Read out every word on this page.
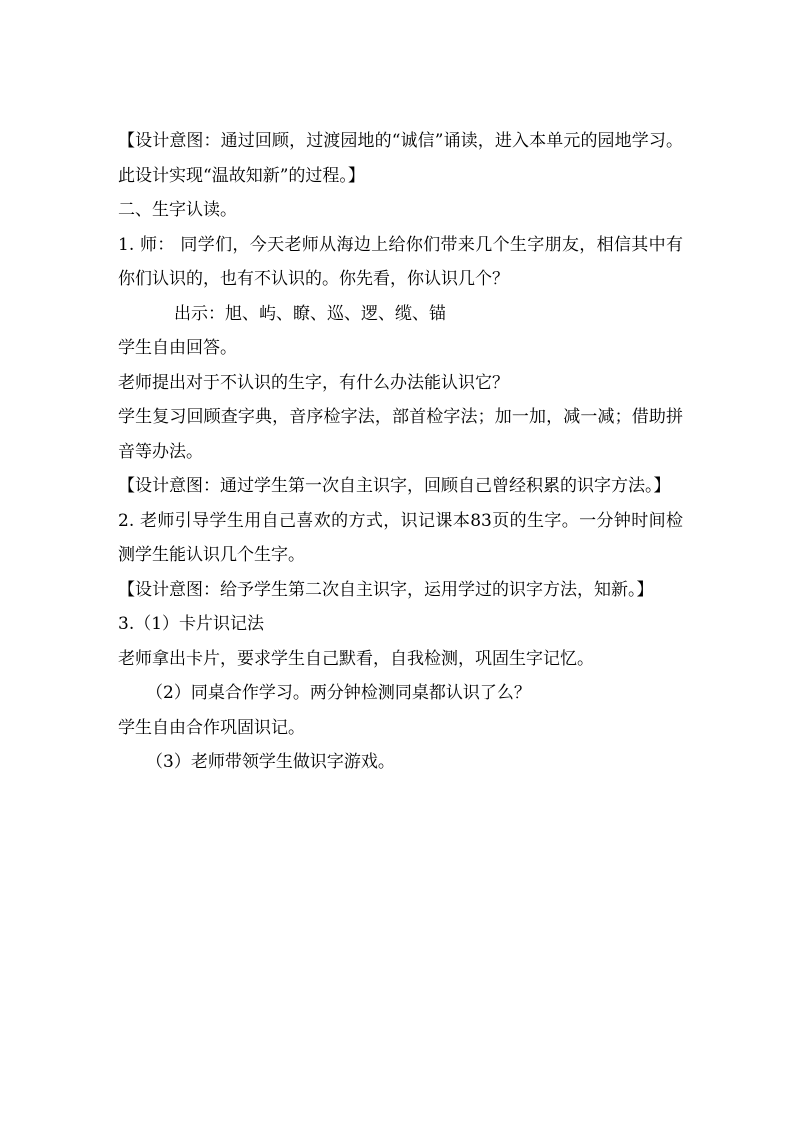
【设计意图：通过回顾，过渡园地的“诚信”诵读，进入本单元的园地学习。此设计实现“温故知新”的过程。】

二、生字认读。

1. 师： 同学们，今天老师从海边上给你们带来几个生字朋友，相信其中有你们认识的，也有不认识的。你先看，你认识几个？

出示：旭、屿、瞭、巡、逻、缆、锚

学生自由回答。

老师提出对于不认识的生字，有什么办法能认识它？

学生复习回顾查字典，音序检字法，部首检字法；加一加，减一减；借助拼音等办法。

【设计意图：通过学生第一次自主识字，回顾自己曾经积累的识字方法。】

2. 老师引导学生用自己喜欢的方式，识记课本83页的生字。一分钟时间检测学生能认识几个生字。

【设计意图：给予学生第二次自主识字，运用学过的识字方法，知新。】

3.（1）卡片识记法

老师拿出卡片，要求学生自己默看，自我检测，巩固生字记忆。

（2）同桌合作学习。两分钟检测同桌都认识了么？

学生自由合作巩固识记。

（3）老师带领学生做识字游戏。
